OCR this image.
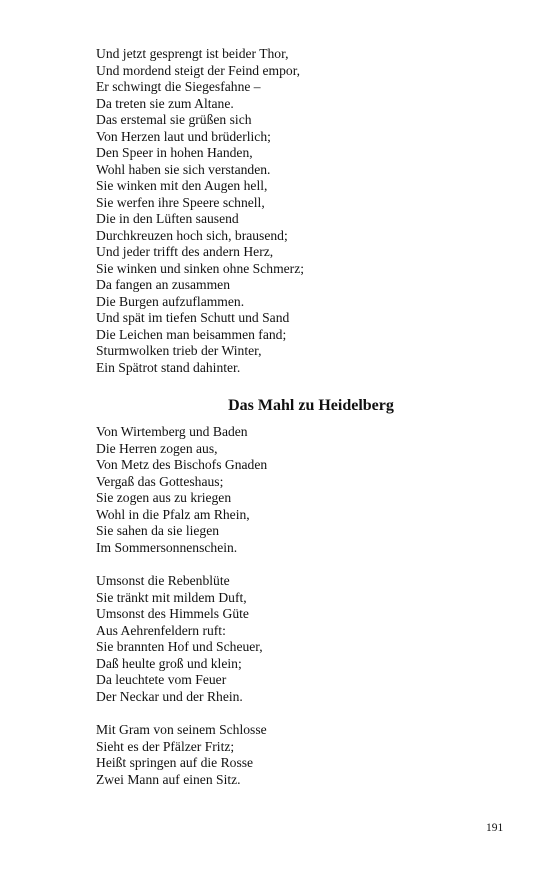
Und jetzt gesprengt ist beider Thor,
Und mordend steigt der Feind empor,
Er schwingt die Siegesfahne –
Da treten sie zum Altane.
Das erstemal sie grüßen sich
Von Herzen laut und brüderlich;
Den Speer in hohen Handen,
Wohl haben sie sich verstanden.
Sie winken mit den Augen hell,
Sie werfen ihre Speere schnell,
Die in den Lüften sausend
Durchkreuzen hoch sich, brausend;
Und jeder trifft des andern Herz,
Sie winken und sinken ohne Schmerz;
Da fangen an zusammen
Die Burgen aufzuflammen.
Und spät im tiefen Schutt und Sand
Die Leichen man beisammen fand;
Sturmwolken trieb der Winter,
Ein Spätrot stand dahinter.
Das Mahl zu Heidelberg
Von Wirtemberg und Baden
Die Herren zogen aus,
Von Metz des Bischofs Gnaden
Vergaß das Gotteshaus;
Sie zogen aus zu kriegen
Wohl in die Pfalz am Rhein,
Sie sahen da sie liegen
Im Sommersonnenschein.
Umsonst die Rebenblüte
Sie tränkt mit mildem Duft,
Umsonst des Himmels Güte
Aus Aehrenfeldern ruft:
Sie brannten Hof und Scheuer,
Daß heulte groß und klein;
Da leuchtete vom Feuer
Der Neckar und der Rhein.
Mit Gram von seinem Schlosse
Sieht es der Pfälzer Fritz;
Heißt springen auf die Rosse
Zwei Mann auf einen Sitz.
191
